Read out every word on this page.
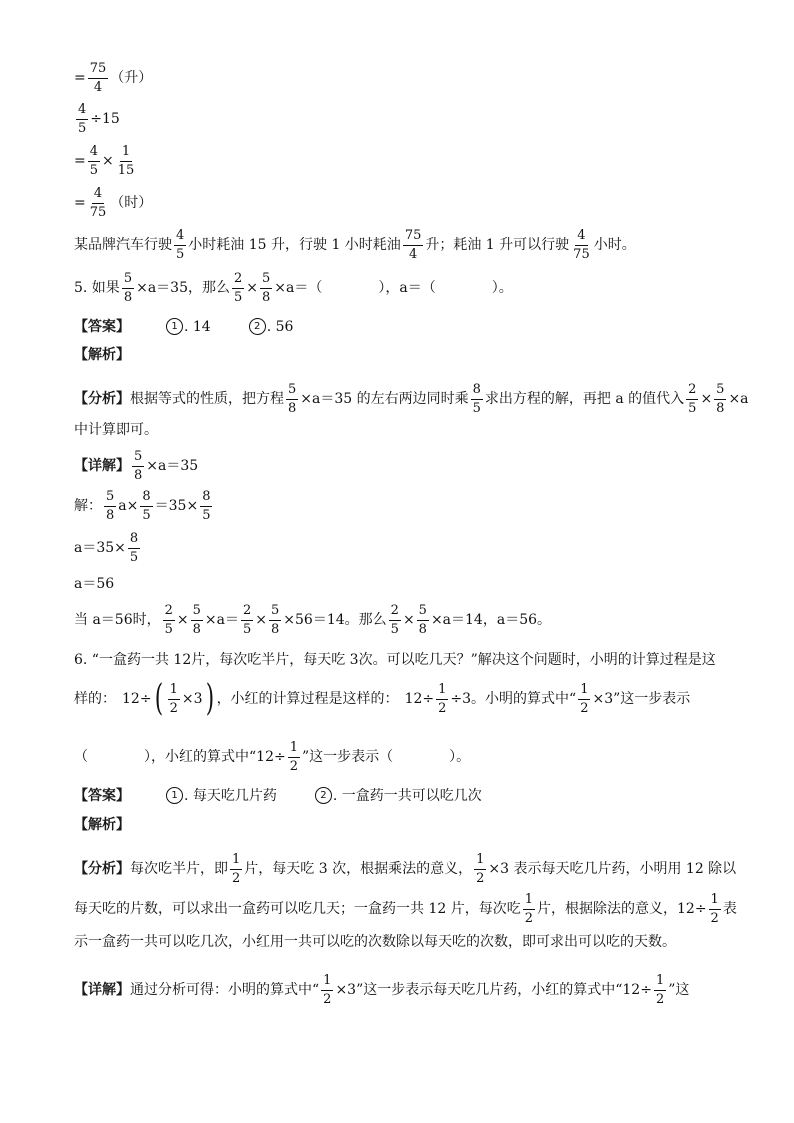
= $\frac{75}{4}$ （升）
$\frac{4}{5} \div 15$
= $\frac{4}{5} \times \frac{1}{15}$
= $\frac{4}{75}$ （时）
某品牌汽车行驶
4
5
小时耗油 15 升，行驶 1 小时耗油
75
4
升；耗油 1 升可以行驶
4
75
小时。
5. 如果 $\frac{5}{8} \times a=35$，那么 $\frac{2}{5} \times \frac{5}{8} \times a=$（　　　　），a＝（　　　　）。
【答案】	1 . 14	2 . 56
【解析】
【分析】 根据等式的性质，把方程 $\frac{5}{8} \times a=35$ 的左右两边同时乘
8
5
求出方程的解，再把 a 的值代入 $\frac{2}{5} \times \frac{5}{8} \times a$
中计算即可。
【详解】 $\frac{5}{8} \times a=35$
解：
5
8
$a\times \frac{8}{5} =35\times \frac{8}{5}$
$a=35\times \frac{8}{5}$
a＝56
当 a＝56时， $\frac{2}{5} \times \frac{5}{8} \times a= \frac{2}{5} \times \frac{5}{8} \times 56=14$。那么 $\frac{2}{5} \times \frac{5}{8} \times a=14$，a＝56。
6. “一盒药一共 12片，每次吃半片，每天吃 3次。可以吃几天？”解决这个问题时，小明的计算过程是这
样的： 12÷ ( $\frac{1}{2} \times 3$ ) ，小红的计算过程是这样的： $12\div \frac{1}{2} \div 3$ 。小明的算式中“ $\frac{1}{2} \times 3$ ”这一步表示
（　　　　），小红的算式中“ $12\div \frac{1}{2}$ ”这一步表示（　　　　）。
【答案】	1 . 每天吃几片药	2 . 一盒药一共可以吃几次
【解析】
【分析】 每次吃半片，即
1
2
片，每天吃 3 次，根据乘法的意义， $\frac{1}{2} \times 3$ 表示每天吃几片药，小明用 12 除以
每天吃的片数，可以求出一盒药可以吃几天；一盒药一共 12 片，每次吃
1
2
片，根据除法的意义，$12\div \frac{1}{2}$ 表
示一盒药一共可以吃几次，小红用一共可以吃的次数除以每天吃的次数，即可求出可以吃的天数。
【详解】 通过分析可得：小明的算式中“ $\frac{1}{2} \times 3$”这一步表示每天吃几片药，小红的算式中“$12\div \frac{1}{2}$ ”这
